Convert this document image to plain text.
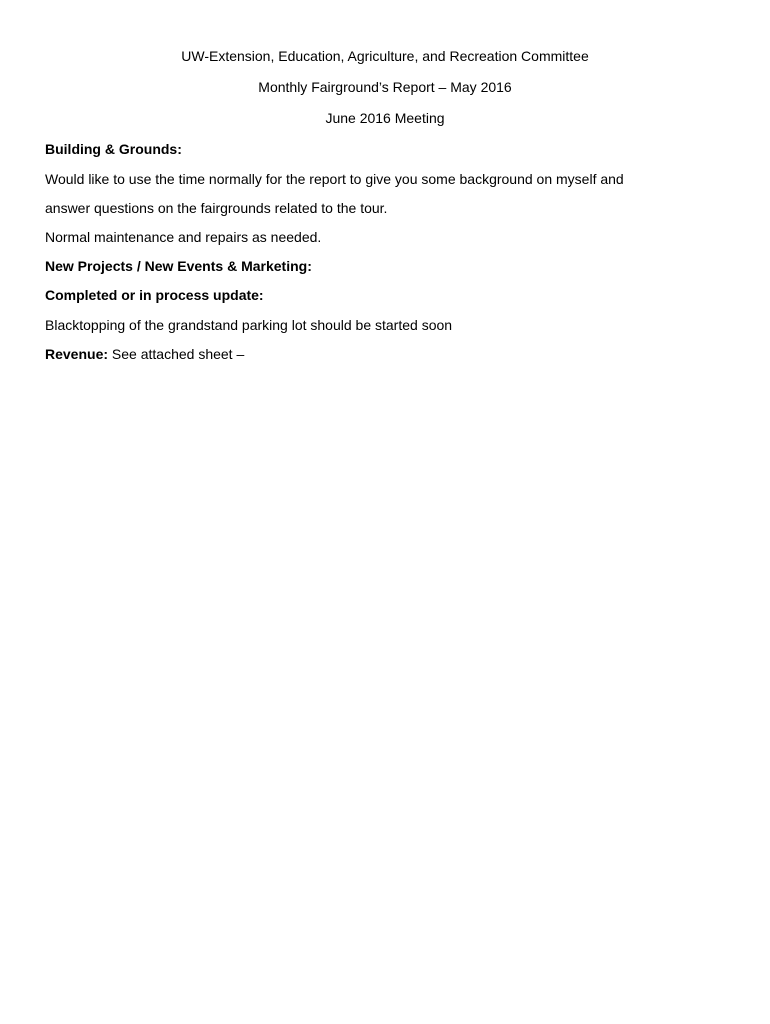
UW-Extension, Education, Agriculture, and Recreation Committee
Monthly Fairground’s Report – May 2016
June 2016 Meeting
Building & Grounds:
Would like to use the time normally for the report to give you some background on myself and
answer questions on the fairgrounds related to the tour.
Normal maintenance and repairs as needed.
New Projects / New Events & Marketing:
Completed or in process update:
Blacktopping of the grandstand parking lot should be started soon
Revenue: See attached sheet –
